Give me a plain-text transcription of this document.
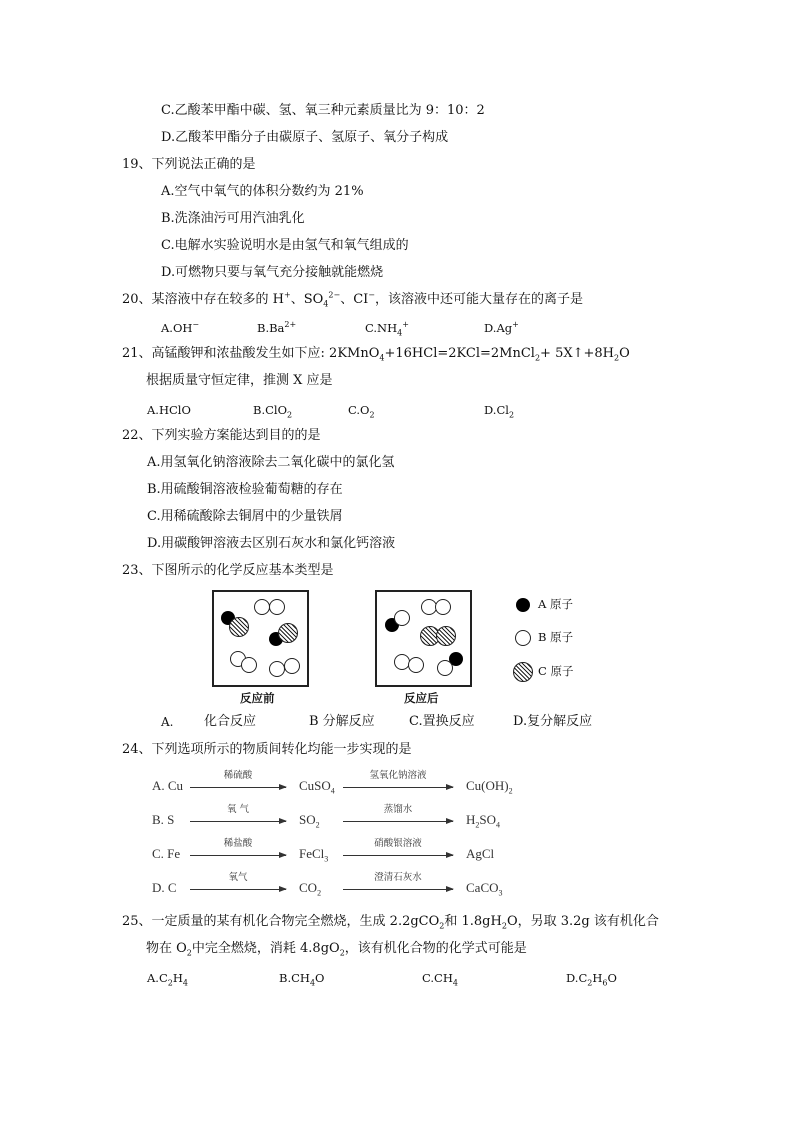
C.乙酸苯甲酯中碳、氢、氧三种元素质量比为 9：10：2
D.乙酸苯甲酯分子由碳原子、氢原子、氧分子构成
19、下列说法正确的是
A.空气中氧气的体积分数约为 21%
B.洗涤油污可用汽油乳化
C.电解水实验说明水是由氢气和氧气组成的
D.可燃物只要与氧气充分接触就能燃烧
20、某溶液中存在较多的 H+、$SO_4^{2-}$、CI−，该溶液中还可能大量存在的离子是
A.OH−	$B.Ba^{2+}$	$C.NH_4^+$	D.Ag+
21、高锰酸钾和浓盐酸发生如下应: 2KMnO$_4$+16HCl=2KCl=2MnCl$_2$+ $5X↑+8H_2O$
根据质量守恒定律，推测 X 应是
A.HClO	B.ClO$_2$	$C.O_2$	$D.Cl_2$
22、下列实验方案能达到目的的是
A.用氢氧化钠溶液除去二氧化碳中的氯化氢
B.用硫酸铜溶液检验葡萄糖的存在
C.用稀硫酸除去铜屑中的少量铁屑
D.用碳酸钾溶液去区别石灰水和氯化钙溶液
23、下图所示的化学反应基本类型是
反应前	反应后
A 原子
B 原子
C 原子
A. 化合反应	B 分解反应	C.置换反应	D.复分解反应
24、下列选项所示的物质间转化均能一步实现的是
A. Cu
稀硫酸
CuSO$_4$
氢氧化钠溶液
$Cu(OH)_2$
B. S
氧 气
$SO_2$
蒸馏水
$H_2SO_4$
C. Fe
稀盐酸
FeCl$_3$
硝酸银溶液
AgCl
D. C
氧气
$CO_2$
澄清石灰水
CaCO$_3$
25、一定质量的某有机化合物完全燃烧，生成 2.2gCO$_2$和 $1.8gH_2O$，另取 3.2g 该有机化合
物在 $O_2$中完全燃烧，消耗 $4.8gO_2$，该有机化合物的化学式可能是
$A.C_2H_4$	$B.CH_4O$	$C.CH_4$	$D.C_2H_6O$
